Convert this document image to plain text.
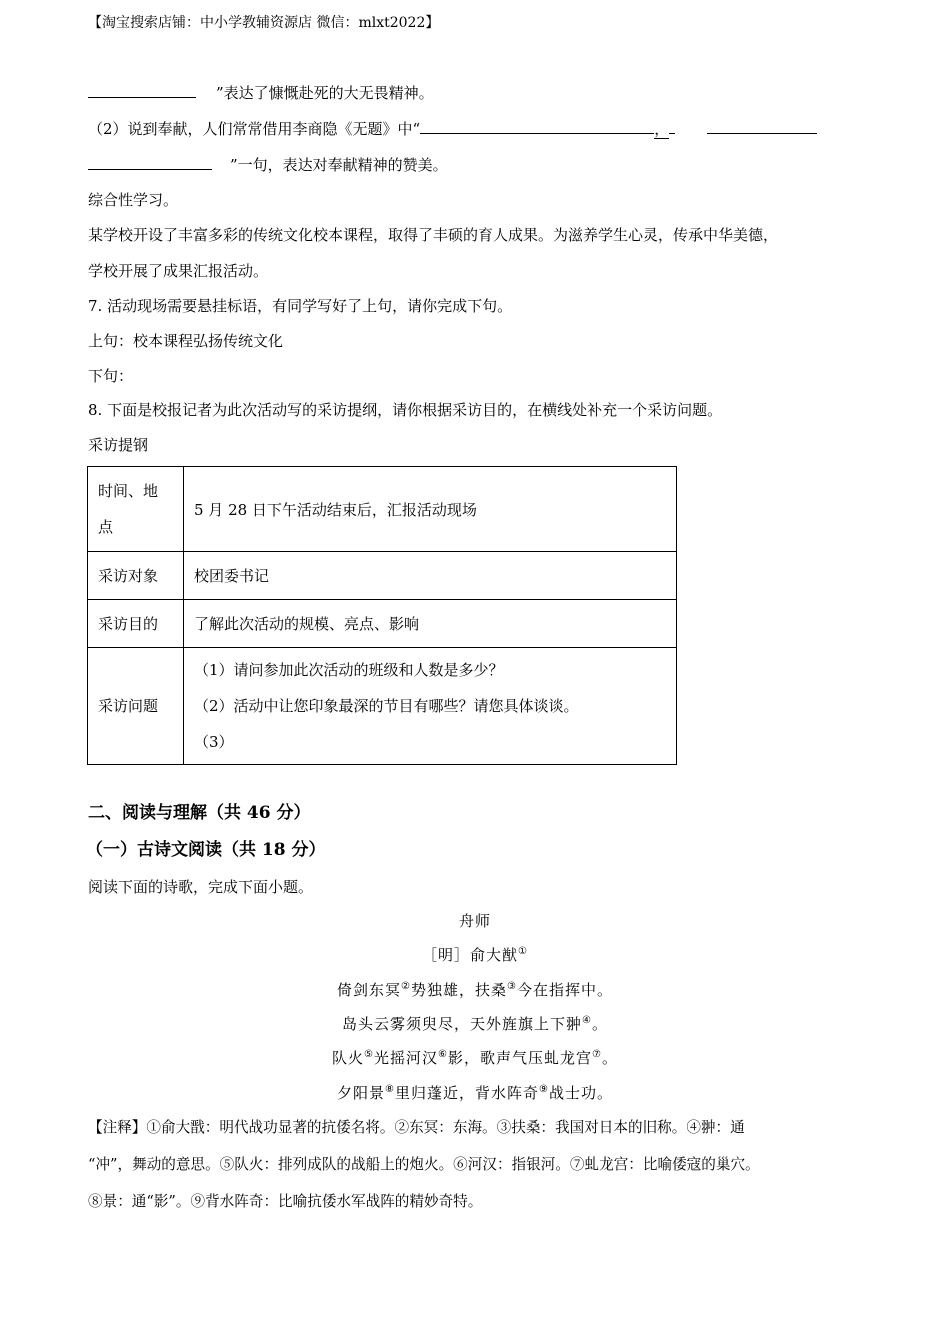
【淘宝搜索店铺：中小学教辅资源店 微信：mlxt2022】
”表达了慷慨赴死的大无畏精神。
（2）说到奉献，人们常常借用李商隐《无题》中“	，
”一句，表达对奉献精神的赞美。
综合性学习。
某学校开设了丰富多彩的传统文化校本课程，取得了丰硕的育人成果。为滋养学生心灵，传承中华美德，
学校开展了成果汇报活动。
7. 活动现场需要悬挂标语，有同学写好了上句，请你完成下句。
上句：校本课程弘扬传统文化
下句：
8. 下面是校报记者为此次活动写的采访提纲，请你根据采访目的，在横线处补充一个采访问题。
采访提钢
时间、地
点	5 月 28 日下午活动结束后，汇报活动现场
采访对象	校团委书记
采访目的	了解此次活动的规模、亮点、影响
采访问题	（1）请问参加此次活动的班级和人数是多少？
（2）活动中让您印象最深的节目有哪些？请您具体谈谈。
（3）
二、阅读与理解（共 46 分）
（一）古诗文阅读（共 18 分）
阅读下面的诗歌，完成下面小题。
舟师
［明］俞大猷①
倚剑东冥②势独雄，扶桑③今在指挥中。
岛头云雾须臾尽，天外旌旗上下翀④。
队火⑤光摇河汉⑥影，歌声气压虬龙宫⑦。
夕阳景⑧里归蓬近，背水阵奇⑨战士功。
【注释】①俞大戬：明代战功显著的抗倭名将。②东冥：东海。③扶桑：我国对日本的旧称。④翀：通
“冲”，舞动的意思。⑤队火：排列成队的战船上的炮火。⑥河汉：指银河。⑦虬龙宫：比喻倭寇的巢穴。
⑧景：通“影”。⑨背水阵奇：比喻抗倭水军战阵的精妙奇特。
